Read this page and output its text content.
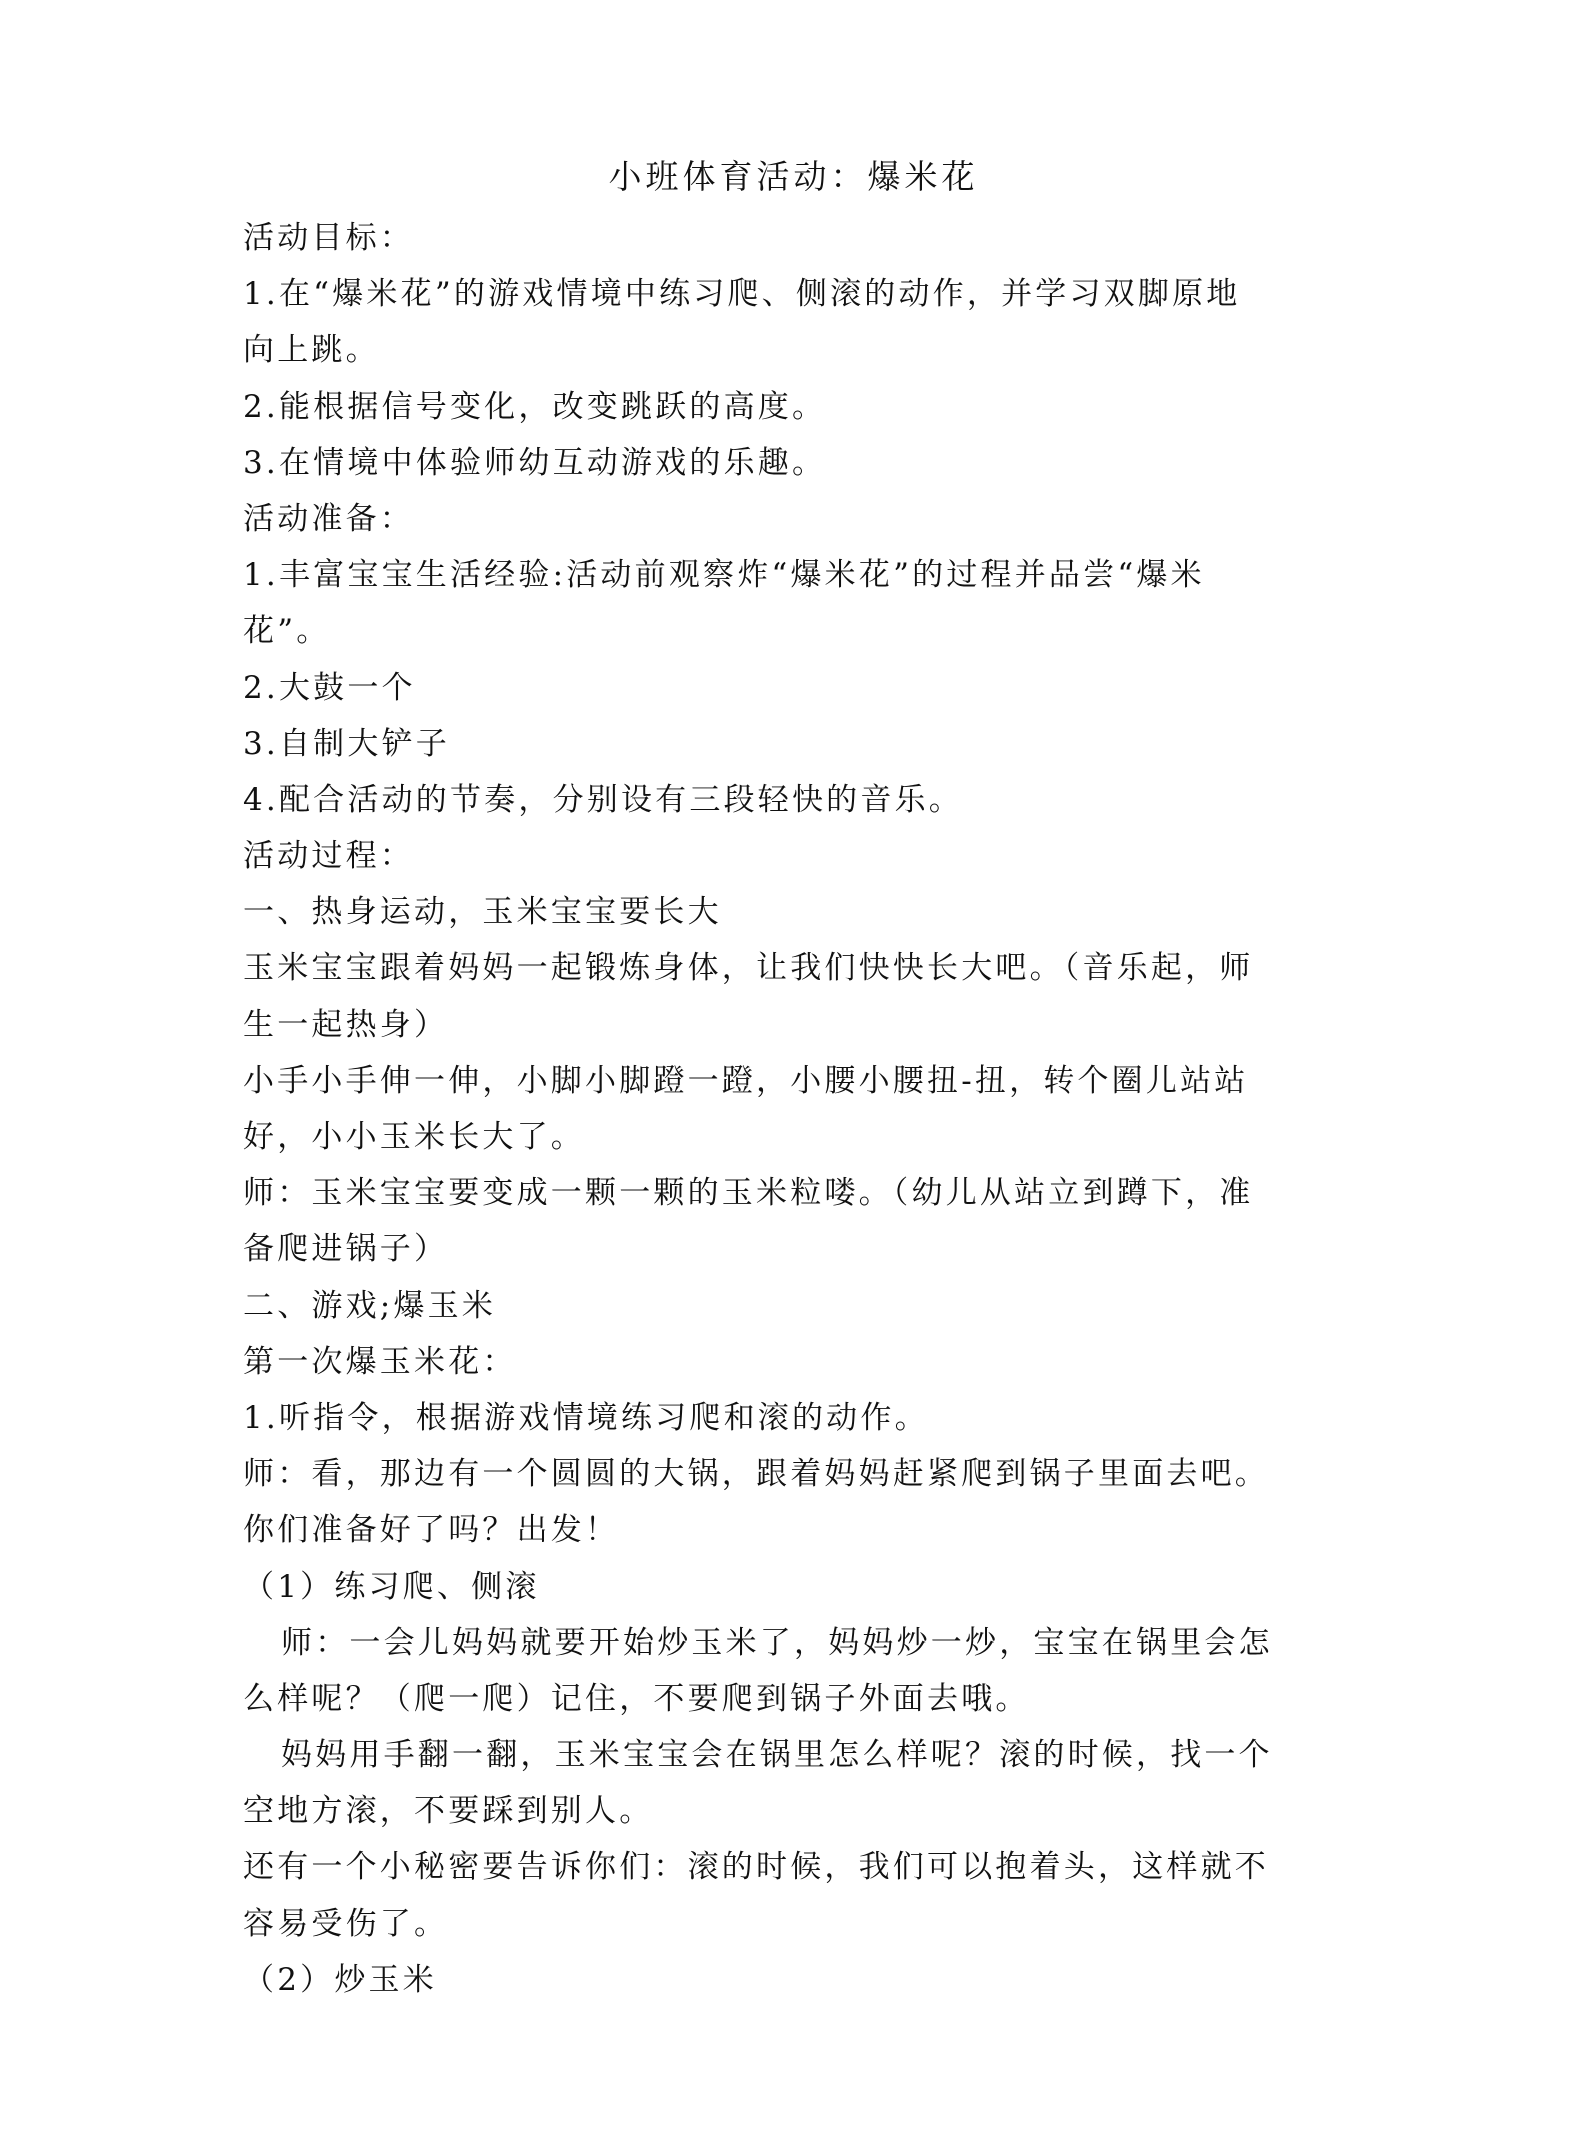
小班体育活动：爆米花
活动目标：
1.在“爆米花”的游戏情境中练习爬、侧滚的动作，并学习双脚原地
向上跳。
2.能根据信号变化，改变跳跃的高度。
3.在情境中体验师幼互动游戏的乐趣。
活动准备：
1.丰富宝宝生活经验:活动前观察炸“爆米花”的过程并品尝“爆米
花”。
2.大鼓一个
3.自制大铲子
4.配合活动的节奏，分别设有三段轻快的音乐。
活动过程：
一、热身运动，玉米宝宝要长大
玉米宝宝跟着妈妈一起锻炼身体，让我们快快长大吧。（音乐起，师
生一起热身）
小手小手伸一伸，小脚小脚蹬一蹬，小腰小腰扭-扭，转个圈儿站站
好，小小玉米长大了。
师：玉米宝宝要变成一颗一颗的玉米粒喽。（幼儿从站立到蹲下，准
备爬进锅子）
二、游戏;爆玉米
第一次爆玉米花：
1.听指令，根据游戏情境练习爬和滚的动作。
师：看，那边有一个圆圆的大锅，跟着妈妈赶紧爬到锅子里面去吧。
你们准备好了吗？出发！
（1）练习爬、侧滚
师：一会儿妈妈就要开始炒玉米了，妈妈炒一炒，宝宝在锅里会怎
么样呢？（爬一爬）记住，不要爬到锅子外面去哦。
妈妈用手翻一翻，玉米宝宝会在锅里怎么样呢？滚的时候，找一个
空地方滚，不要踩到别人。
还有一个小秘密要告诉你们：滚的时候，我们可以抱着头，这样就不
容易受伤了。
（2）炒玉米
